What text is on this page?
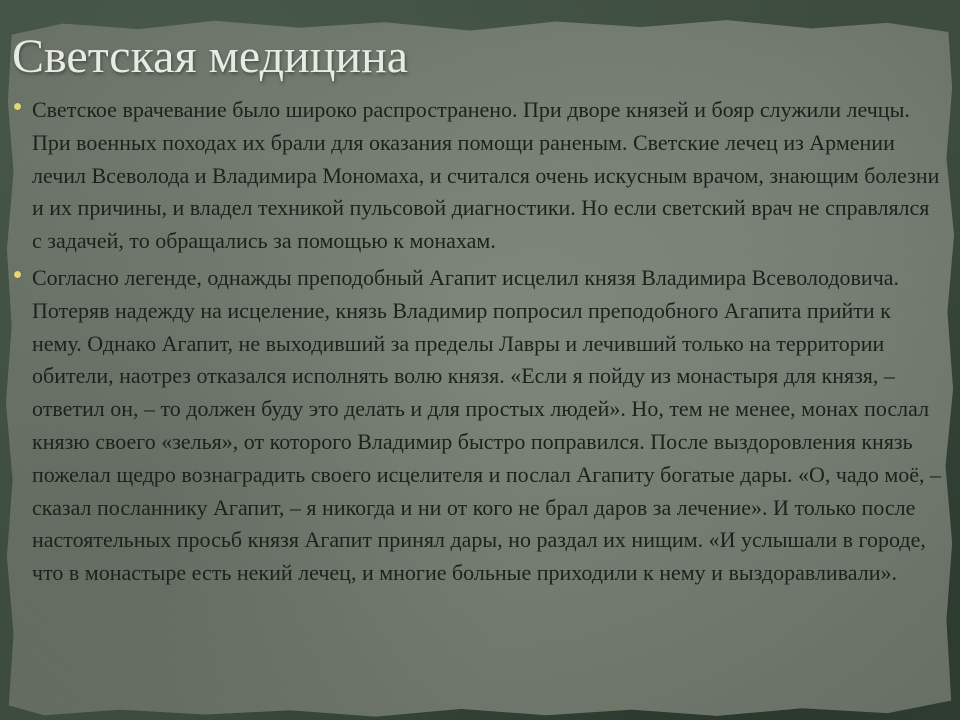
Светская медицина
Светское врачевание было широко распространено. При дворе князей и бояр служили лечцы. При военных походах их брали для оказания помощи раненым. Светские лечец из Армении лечил Всеволода и Владимира Мономаха, и считался очень искусным врачом, знающим болезни и их причины, и владел техникой пульсовой диагностики. Но если светский врач не справлялся с задачей, то обращались за помощью к монахам.
Согласно легенде, однажды преподобный Агапит исцелил князя Владимира Всеволодовича. Потеряв надежду на исцеление, князь Владимир попросил преподобного Агапита прийти к нему. Однако Агапит, не выходивший за пределы Лавры и лечивший только на территории обители, наотрез отказался исполнять волю князя. «Если я пойду из монастыря для князя, – ответил он, – то должен буду это делать и для простых людей». Но, тем не менее, монах послал князю своего «зелья», от которого Владимир быстро поправился. После выздоровления князь пожелал щедро вознаградить своего исцелителя и послал Агапиту богатые дары. «О, чадо моё, – сказал посланнику Агапит, – я никогда и ни от кого не брал даров за лечение». И только после настоятельных просьб князя Агапит принял дары, но раздал их нищим. «И услышали в городе, что в монастыре есть некий лечец, и многие больные приходили к нему и выздоравливали».
